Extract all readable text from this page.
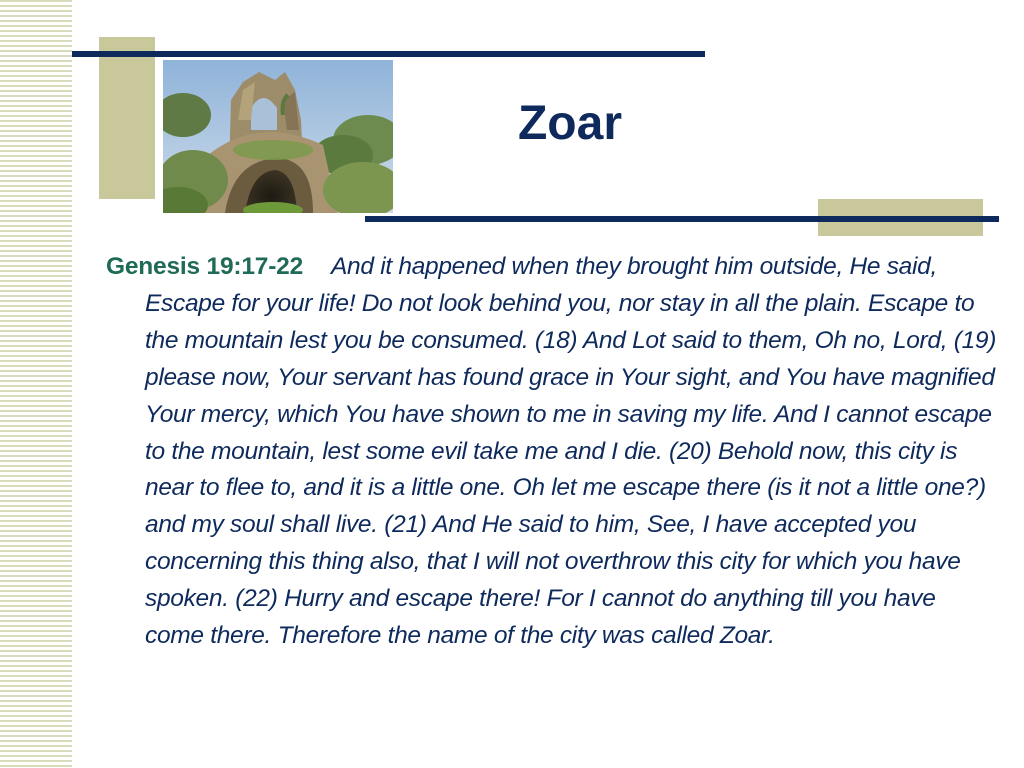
Zoar

Genesis 19:17-22 And it happened when they brought him outside, He said, Escape for your life! Do not look behind you, nor stay in all the plain. Escape to the mountain lest you be consumed. (18) And Lot said to them, Oh no, Lord, (19) please now, Your servant has found grace in Your sight, and You have magnified Your mercy, which You have shown to me in saving my life. And I cannot escape to the mountain, lest some evil take me and I die. (20) Behold now, this city is near to flee to, and it is a little one. Oh let me escape there (is it not a little one?) and my soul shall live. (21) And He said to him, See, I have accepted you concerning this thing also, that I will not overthrow this city for which you have spoken. (22) Hurry and escape there! For I cannot do anything till you have come there. Therefore the name of the city was called Zoar.
